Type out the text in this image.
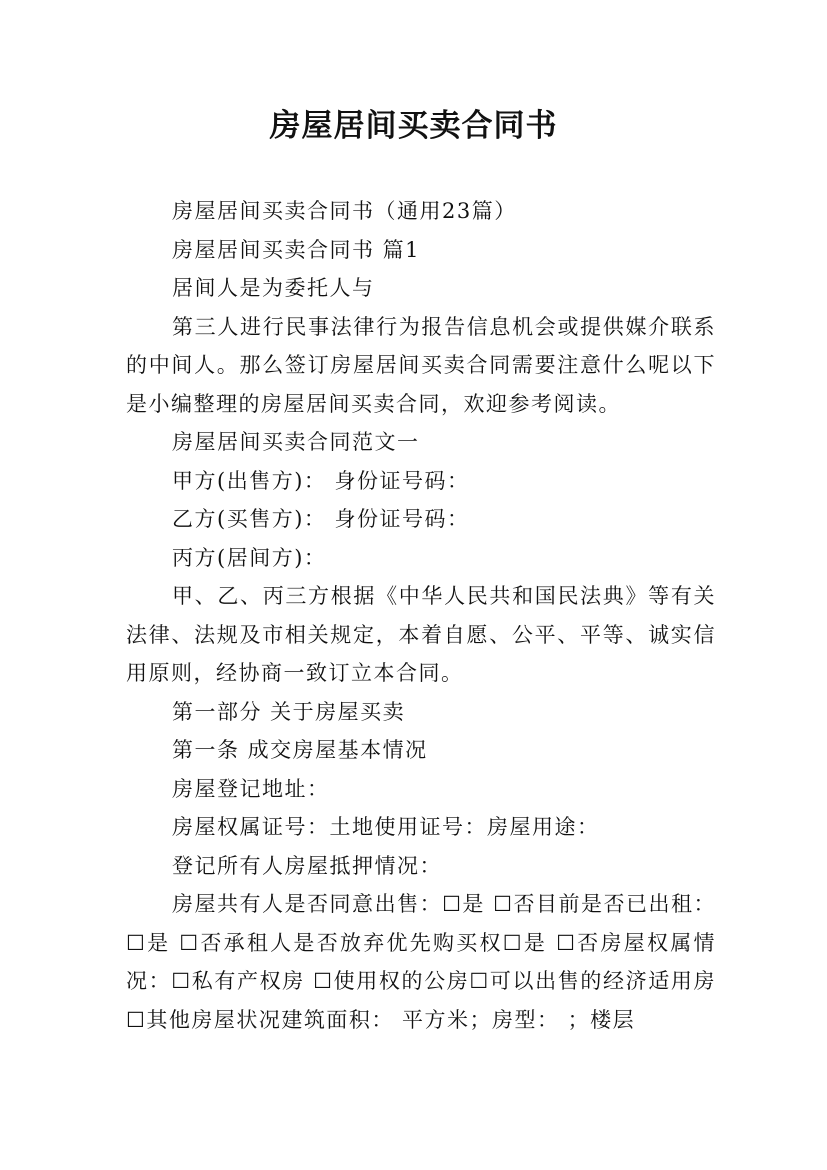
房屋居间买卖合同书

房屋居间买卖合同书（通用23篇）

房屋居间买卖合同书 篇1

居间人是为委托人与

第三人进行民事法律行为报告信息机会或提供媒介联系的中间人。那么签订房屋居间买卖合同需要注意什么呢以下是小编整理的房屋居间买卖合同，欢迎参考阅读。

房屋居间买卖合同范文一

甲方(出售方)： 身份证号码：

乙方(买售方)： 身份证号码：

丙方(居间方)：

甲、乙、丙三方根据《中华人民共和国民法典》等有关法律、法规及市相关规定，本着自愿、公平、平等、诚实信用原则，经协商一致订立本合同。

第一部分 关于房屋买卖

第一条 成交房屋基本情况

房屋登记地址：

房屋权属证号：土地使用证号：房屋用途：

登记所有人房屋抵押情况：

房屋共有人是否同意出售：☐是 ☐否目前是否已出租：☐是 ☐否承租人是否放弃优先购买权☐是 ☐否房屋权属情况：☐私有产权房 ☐使用权的公房☐可以出售的经济适用房 ☐其他房屋状况建筑面积： 平方米；房型： ；楼层
